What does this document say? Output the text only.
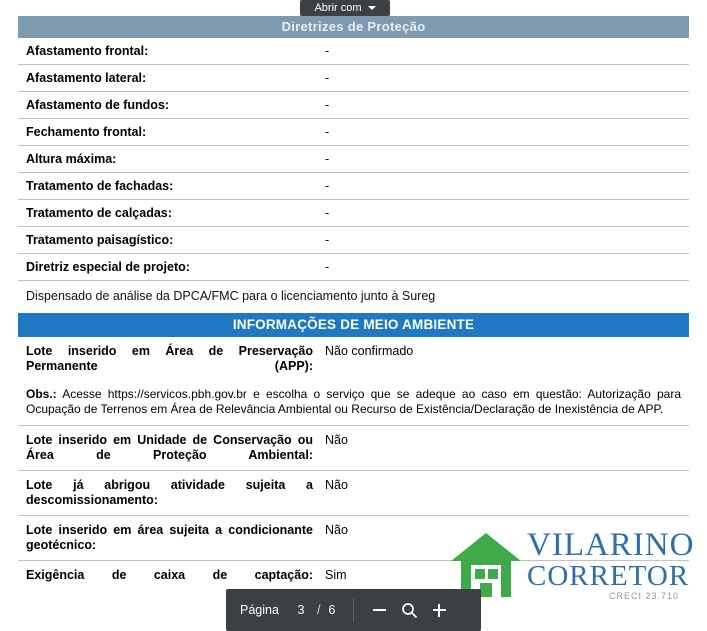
Abrir com
Diretrizes de Proteção
Afastamento frontal:	-
Afastamento lateral:	-
Afastamento de fundos:	-
Fechamento frontal:	-
Altura máxima:	-
Tratamento de fachadas:	-
Tratamento de calçadas:	-
Tratamento paisagístico:	-
Diretriz especial de projeto:	-
Dispensado de análise da DPCA/FMC para o licenciamento junto à Sureg
INFORMAÇÕES DE MEIO AMBIENTE
Lote inserido em Área de Preservação Permanente (APP):	Não confirmado
Obs.: Acesse https://servicos.pbh.gov.br e escolha o serviço que se adeque ao caso em questão: Autorização para Ocupação de Terrenos em Área de Relevância Ambiental ou Recurso de Existência/Declaração de Inexistência de APP.	
Lote inserido em Unidade de Conservação ou Área de Proteção Ambiental:	Não
Lote já abrigou atividade sujeita a descomissionamento:	Não
Lote inserido em área sujeita a condicionante geotécnico:	Não
Exigência de caixa de captação:	Sim
VILARINO
CORRETOR
CRECI 23.710
Página	3	/ 6
